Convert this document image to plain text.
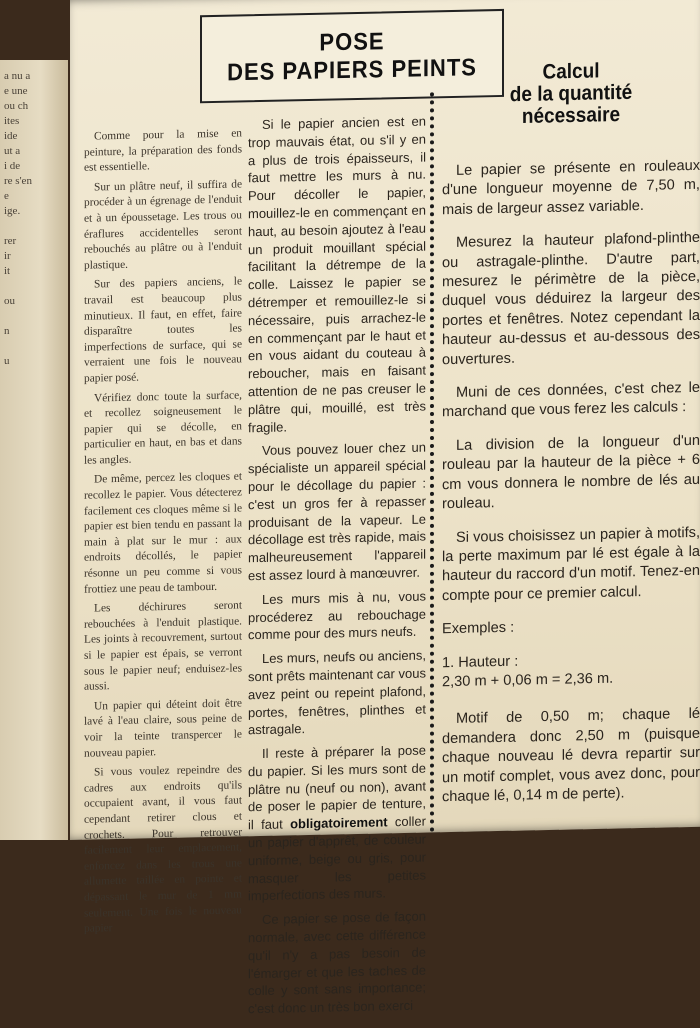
a nu a
e une
ou ch
ites
ide
ut a
i de
re s'en
e
ige.
rer
ir
it
ou
n
u
POSE
DES PAPIERS PEINTS

Comme pour la mise en peinture, la préparation des fonds est essentielle.

Sur un plâtre neuf, il suffira de procéder à un égrenage de l'enduit et à un époussetage. Les trous ou éraflures accidentelles seront rebouchés au plâtre ou à l'enduit plastique.

Sur des papiers anciens, le travail est beaucoup plus minutieux. Il faut, en effet, faire disparaître toutes les imperfections de surface, qui se verraient une fois le nouveau papier posé.

Vérifiez donc toute la surface, et recollez soigneusement le papier qui se décolle, en particulier en haut, en bas et dans les angles.

De même, percez les cloques et recollez le papier. Vous détecterez facilement ces cloques même si le papier est bien tendu en passant la main à plat sur le mur : aux endroits décollés, le papier résonne un peu comme si vous frottiez une peau de tambour.

Les déchirures seront rebouchées à l'enduit plastique. Les joints à recouvrement, surtout si le papier est épais, se verront sous le papier neuf; enduisez-les aussi.

Un papier qui déteint doit être lavé à l'eau claire, sous peine de voir la teinte transpercer le nouveau papier.

Si vous voulez repeindre des cadres aux endroits qu'ils occupaient avant, il vous faut cependant retirer clous et crochets. Pour retrouver facilement leur emplacement, enfoncez dans les trous une allumette taillée en pointe et dépassant le mur de 1 mm seulement. Une fois le nouveau papier

Si le papier ancien est en trop mauvais état, ou s'il y en a plus de trois épaisseurs, il faut mettre les murs à nu. Pour décoller le papier, mouillez-le en commençant en haut, au besoin ajoutez à l'eau un produit mouillant spécial facilitant la détrempe de la colle. Laissez le papier se détremper et remouillez-le si nécessaire, puis arrachez-le en commençant par le haut et en vous aidant du couteau à reboucher, mais en faisant attention de ne pas creuser le plâtre qui, mouillé, est très fragile.

Vous pouvez louer chez un spécialiste un appareil spécial pour le décollage du papier : c'est un gros fer à repasser produisant de la vapeur. Le décollage est très rapide, mais malheureusement l'appareil est assez lourd à manœuvrer.

Les murs mis à nu, vous procéderez au rebouchage comme pour des murs neufs.

Les murs, neufs ou anciens, sont prêts maintenant car vous avez peint ou repeint plafond, portes, fenêtres, plinthes et astragale.

Il reste à préparer la pose du papier. Si les murs sont de plâtre nu (neuf ou non), avant de poser le papier de tenture, il faut obligatoirement coller un papier d'apprêt, de couleur uniforme, beige ou gris, pour masquer les petites imperfections des murs.

Ce papier se pose de façon normale, avec cette différence qu'il n'y a pas besoin de l'émarger et que les taches de colle y sont sans importance; c'est donc un très bon exerci

Calcul
de la quantité
nécessaire

Le papier se présente en rouleaux d'une longueur moyenne de 7,50 m, mais de largeur assez variable.

Mesurez la hauteur plafond-plinthe ou astragale-plinthe. D'autre part, mesurez le périmètre de la pièce, duquel vous déduirez la largeur des portes et fenêtres. Notez cependant la hauteur au-dessus et au-dessous des ouvertures.

Muni de ces données, c'est chez le marchand que vous ferez les calculs :

La division de la longueur d'un rouleau par la hauteur de la pièce + 6 cm vous donnera le nombre de lés au rouleau.

Si vous choisissez un papier à motifs, la perte maximum par lé est égale à la hauteur du raccord d'un motif. Tenez-en compte pour ce premier calcul.

Exemples :

1. Hauteur :
2,30 m + 0,06 m = 2,36 m.

Motif de 0,50 m; chaque lé demandera donc 2,50 m (puisque chaque nouveau lé devra repartir sur un motif complet, vous avez donc, pour chaque lé, 0,14 m de perte).
